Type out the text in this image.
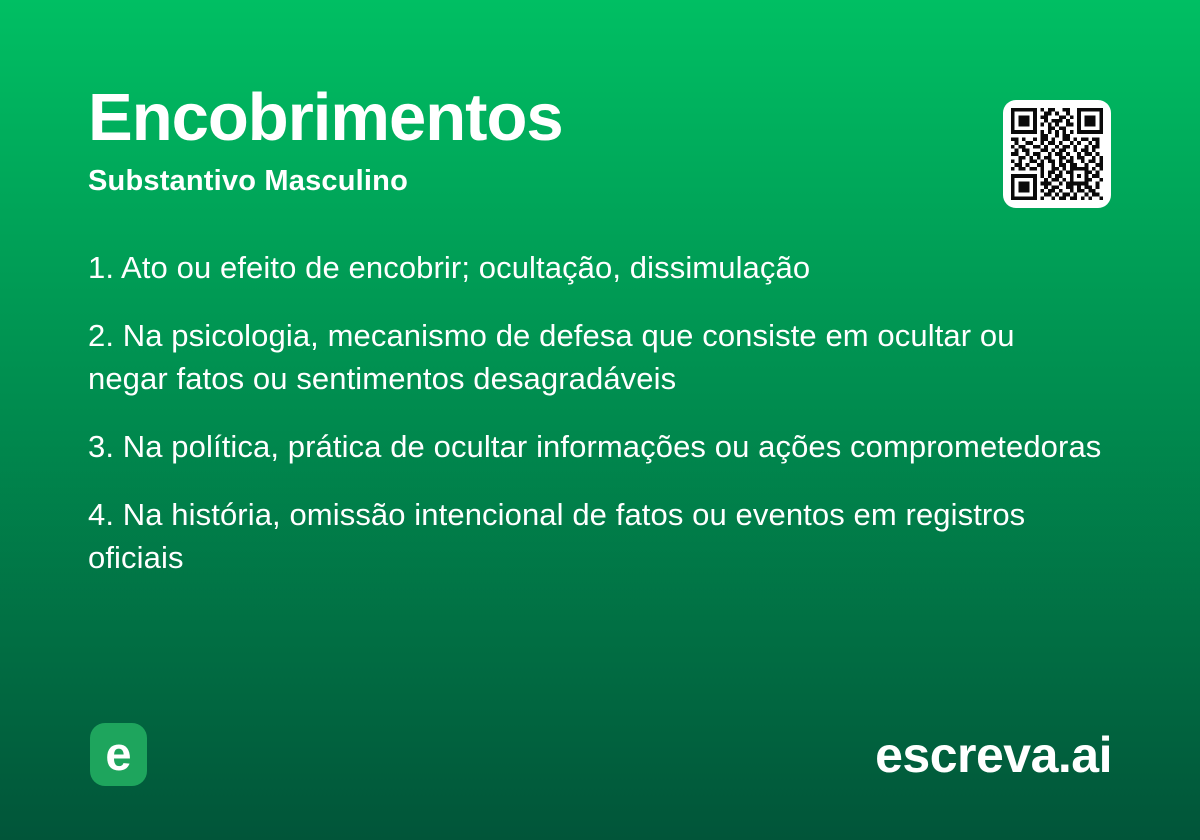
Encobrimentos
Substantivo Masculino

1. Ato ou efeito de encobrir; ocultação, dissimulação

2. Na psicologia, mecanismo de defesa que consiste em ocultar ou negar fatos ou sentimentos desagradáveis

3. Na política, prática de ocultar informações ou ações comprometedoras

4. Na história, omissão intencional de fatos ou eventos em registros oficiais

e	escreva.ai
